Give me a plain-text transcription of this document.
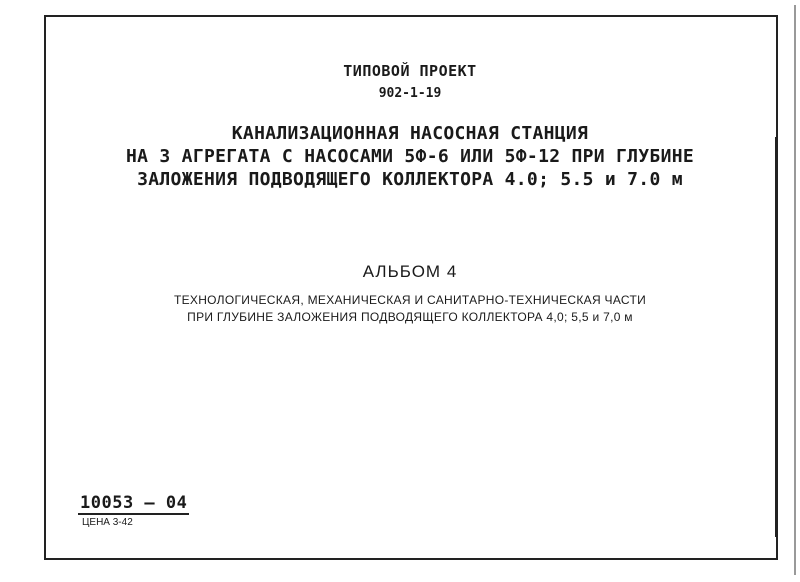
ТИПОВОЙ ПРОЕКТ
902-1-19
КАНАЛИЗАЦИОННАЯ НАСОСНАЯ СТАНЦИЯ
НА 3 АГРЕГАТА С НАСОСАМИ 5Ф-6 ИЛИ 5Ф-12 ПРИ ГЛУБИНЕ
ЗАЛОЖЕНИЯ ПОДВОДЯЩЕГО КОЛЛЕКТОРА 4.0; 5.5 и 7.0 м
АЛЬБОМ 4
ТЕХНОЛОГИЧЕСКАЯ, МЕХАНИЧЕСКАЯ И САНИТАРНО-ТЕХНИЧЕСКАЯ ЧАСТИ
ПРИ ГЛУБИНЕ ЗАЛОЖЕНИЯ ПОДВОДЯЩЕГО КОЛЛЕКТОРА 4,0; 5,5 и 7,0 м
10053 – 04
ЦЕНА 3-42
